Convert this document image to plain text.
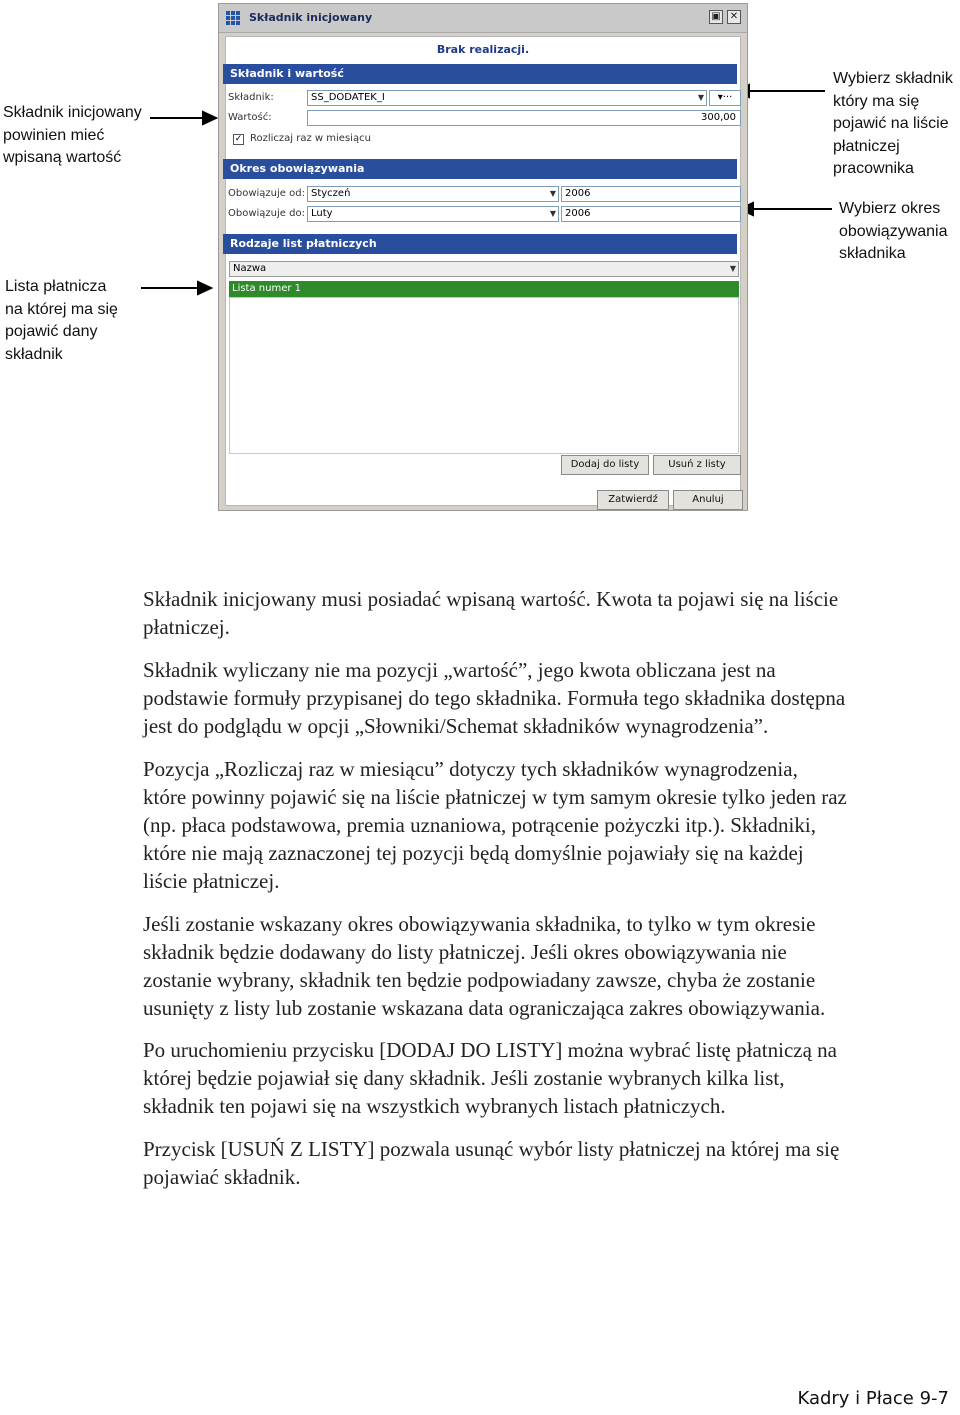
Składnik inicjowany powinien mieć wpisaną wartość
Lista płatnicza na której ma się pojawić dany składnik
Wybierz składnik który ma się pojawić na liście płatniczej pracownika
Wybierz okres obowiązywania składnika
Składnik inicjowany	▣ ✕
Brak realizacji.
Składnik i wartość
Składnik:	SS_DODATEK_I ▼	▾···
Wartość:	300,00
✓ Rozliczaj raz w miesiącu
Okres obowiązywania
Obowiązuje od: Styczeń ▼	2006
Obowiązuje do: Luty ▼	2006
Rodzaje list płatniczych
Nazwa ▼
Lista numer 1
Dodaj do listy	Usuń z listy
Zatwierdź	Anuluj

Składnik inicjowany musi posiadać wpisaną wartość. Kwota ta pojawi się na liście
płatniczej.

Składnik wyliczany nie ma pozycji „wartość”, jego kwota obliczana jest na
podstawie formuły przypisanej do tego składnika. Formuła tego składnika dostępna
jest do podglądu w opcji „Słowniki/Schemat składników wynagrodzenia”.

Pozycja „Rozliczaj raz w miesiącu” dotyczy tych składników wynagrodzenia,
które powinny pojawić się na liście płatniczej w tym samym okresie tylko jeden raz
(np. płaca podstawowa, premia uznaniowa, potrącenie pożyczki itp.). Składniki,
które nie mają zaznaczonej tej pozycji będą domyślnie pojawiały się na każdej
liście płatniczej.

Jeśli zostanie wskazany okres obowiązywania składnika, to tylko w tym okresie
składnik będzie dodawany do listy płatniczej. Jeśli okres obowiązywania nie
zostanie wybrany, składnik ten będzie podpowiadany zawsze, chyba że zostanie
usunięty z listy lub zostanie wskazana data ograniczająca zakres obowiązywania.

Po uruchomieniu przycisku [DODAJ DO LISTY] można wybrać listę płatniczą na
której będzie pojawiał się dany składnik. Jeśli zostanie wybranych kilka list,
składnik ten pojawi się na wszystkich wybranych listach płatniczych.

Przycisk [USUŃ Z LISTY] pozwala usunąć wybór listy płatniczej na której ma się
pojawiać składnik.

Kadry i Płace 9-7
